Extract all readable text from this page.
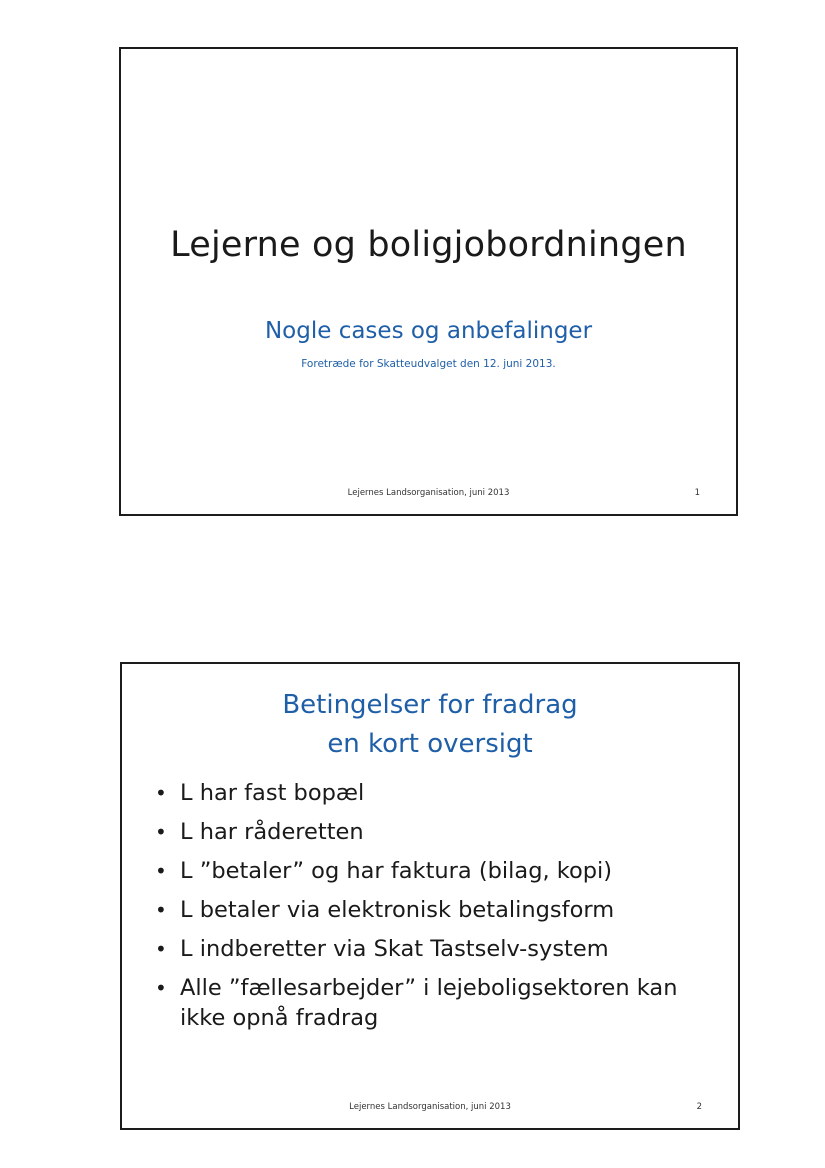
Lejerne og boligjobordningen
Nogle cases og anbefalinger
Foretræde for Skatteudvalget den 12. juni 2013.
Lejernes Landsorganisation, juni 2013	1
Betingelser for fradrag
en kort oversigt
• L har fast bopæl
• L har råderetten
• L ”betaler” og har faktura (bilag, kopi)
• L betaler via elektronisk betalingsform
• L indberetter via Skat Tastselv-system
• Alle ”fællesarbejder” i lejeboligsektoren kan ikke opnå fradrag
Lejernes Landsorganisation, juni 2013	2
